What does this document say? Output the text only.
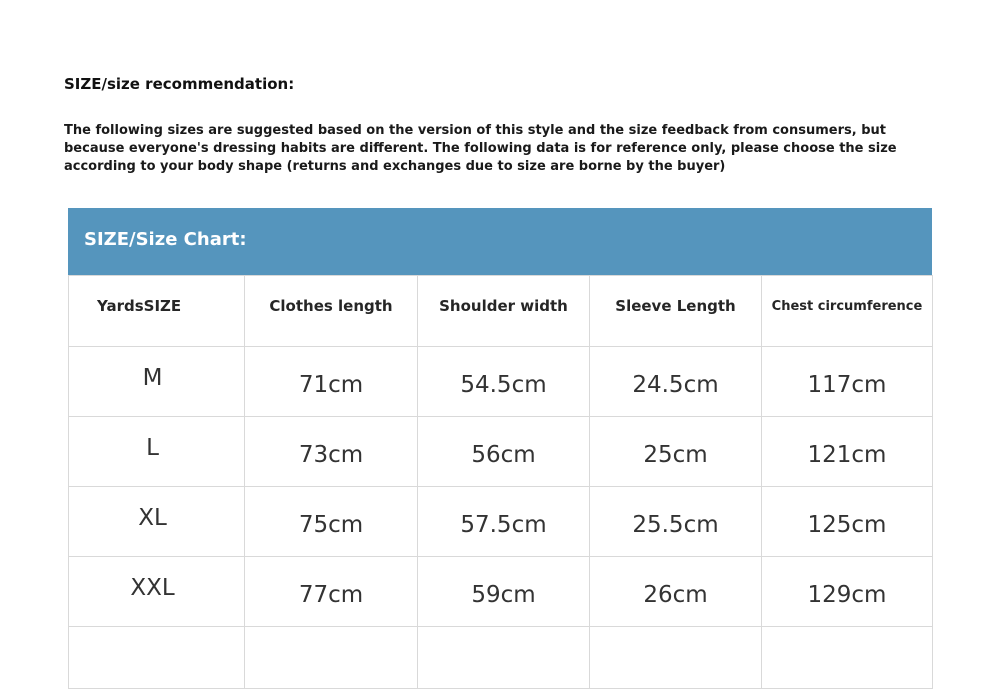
SIZE/size recommendation:

The following sizes are suggested based on the version of this style and the size feedback from consumers, but
because everyone's dressing habits are different. The following data is for reference only, please choose the size
according to your body shape (returns and exchanges due to size are borne by the buyer)

SIZE/Size Chart:
YardsSIZE	Clothes length	Shoulder width	Sleeve Length	Chest circumference
M	71cm	54.5cm	24.5cm	117cm
L	73cm	56cm	25cm	121cm
XL	75cm	57.5cm	25.5cm	125cm
XXL	77cm	59cm	26cm	129cm
